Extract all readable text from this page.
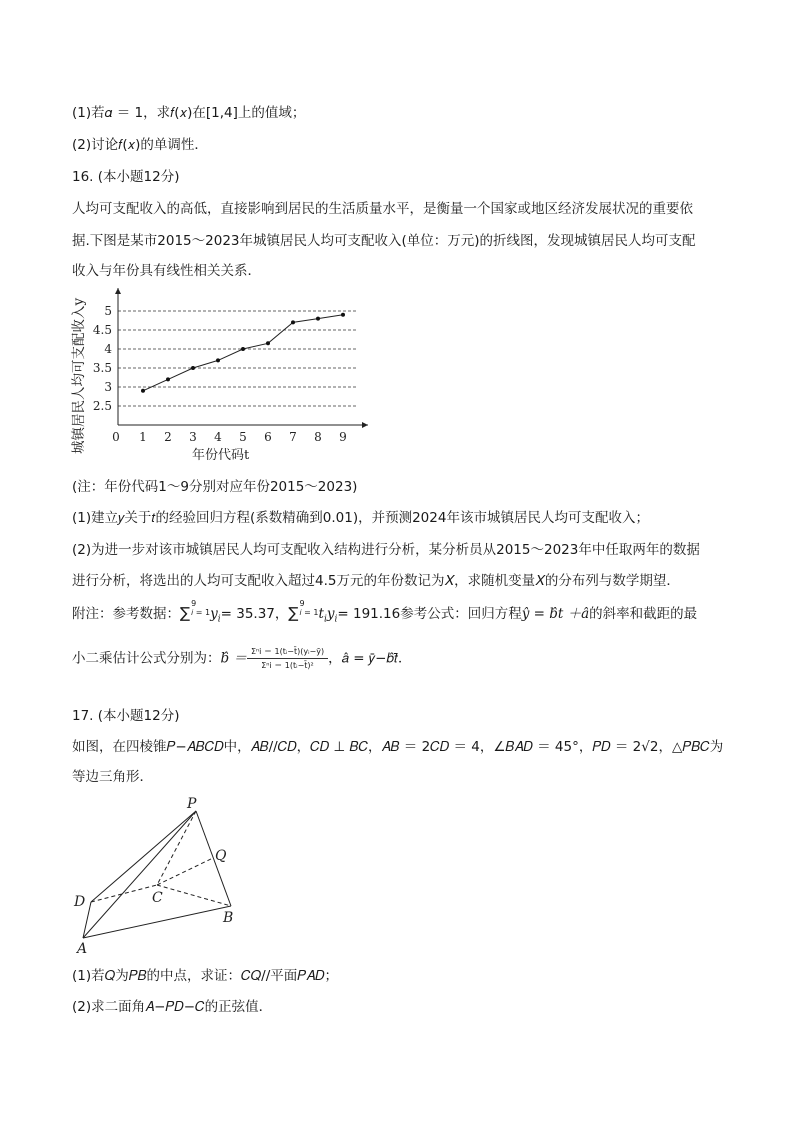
(1)若𝛼 ＝ 1，求𝑓(𝑥)在[1,4]上的值域；
(2)讨论𝑓(𝑥)的单调性．
16. (本小题12分)
人均可支配收入的高低，直接影响到居民的生活质量水平，是衡量一个国家或地区经济发展状况的重要依
据.下图是某市2015～2023年城镇居民人均可支配收入(单位：万元)的折线图，发现城镇居民人均可支配
收入与年份具有线性相关关系．
2.5
3
3.5
4
4.5
5
0 1 2 3 4 5 6 7 8 9
年份代码t
城镇居民人均可支配收入y
(注：年份代码1～9分别对应年份2015～2023)
(1)建立𝑦关于𝑡的经验回归方程(系数精确到0.01)，并预测2024年该市城镇居民人均可支配收入；
(2)为进一步对该市城镇居民人均可支配收入结构进行分析，某分析员从2015～2023年中任取两年的数据
进行分析，将选出的人均可支配收入超过4.5万元的年份数记为𝑋，求随机变量𝑋的分布列与数学期望．
附注：参考数据：∑9
𝑖 = 1𝑦$_𝑖$= 35.37，∑9
𝑖 = 1𝑡$_𝑖$𝑦$_𝑖$= 191.16参考公式：回归方程𝑦̂ = 𝑏̂𝑡 ＋𝑎̂的斜率和截距的最
小二乘估计公式分别为：𝑏̂ ＝ $\frac{\text{Σⁿi ＝ 1(tᵢ−t̄)(yᵢ−ȳ)}}{\text{Σⁿi ＝ 1(tᵢ−t̄)²}}$ ，𝑎̂ = 𝑦̄−𝑏̂𝑡̄．
17. (本小题12分)
如图，在四棱锥𝑃−𝐴𝐵𝐶𝐷中，𝐴𝐵//𝐶𝐷，𝐶𝐷 ⊥ 𝐵𝐶，𝐴𝐵 ＝ 2𝐶𝐷 ＝ 4，∠𝐵𝐴𝐷 ＝ 45°，𝑃𝐷 ＝ 2√2，△𝑃𝐵𝐶为
等边三角形．
P
Q
D	C
B
A
(1)若𝑄为𝑃𝐵的中点，求证：𝐶𝑄//平面𝑃𝐴𝐷；
(2)求二面角𝐴−𝑃𝐷−𝐶的正弦值．
